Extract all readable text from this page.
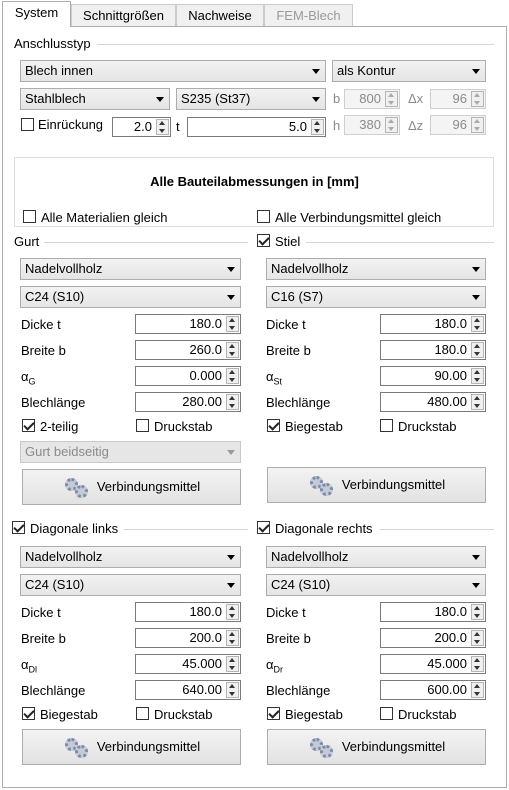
System	Schnittgrößen	Nachweise	FEM-Blech
Anschlusstyp
Blech innen	als Kontur
Stahlblech	S235 (St37)	b	800	Δx	96
Einrückung	2.0	t	5.0	h	380	Δz	96
Alle Bauteilabmessungen in [mm]
Alle Materialien gleich	Alle Verbindungsmittel gleich
Gurt
Nadelvollholz
C24 (S10)
Dicke t	180.0
Breite b	260.0
$\alpha_G$	0.000
Blechlänge	280.00
2-teilig	Druckstab
Gurt beidseitig
Verbindungsmittel
Stiel
Nadelvollholz
C16 (S7)
Dicke t	180.0
Breite b	180.0
$\alpha_{St}$	90.00
Blechlänge	480.00
Biegestab	Druckstab
Verbindungsmittel
Diagonale links
Nadelvollholz
C24 (S10)
Dicke t	180.0
Breite b	200.0
$\alpha_{Dl}$	45.000
Blechlänge	640.00
Biegestab	Druckstab
Verbindungsmittel
Diagonale rechts
Nadelvollholz
C24 (S10)
Dicke t	180.0
Breite b	200.0
$\alpha_{Dr}$	45.000
Blechlänge	600.00
Biegestab	Druckstab
Verbindungsmittel
